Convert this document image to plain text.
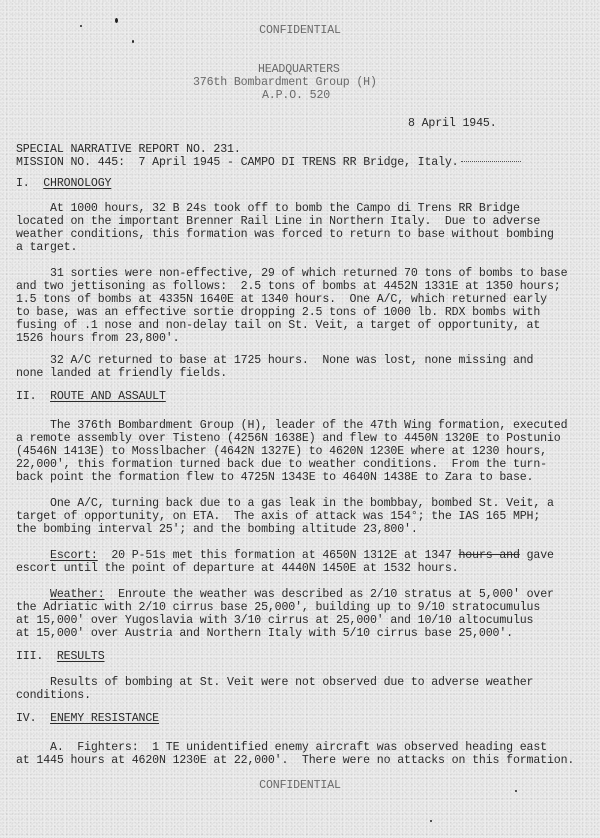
CONFIDENTIAL
HEADQUARTERS
376th Bombardment Group (H)
A.P.O. 520
8 April 1945.
SPECIAL NARRATIVE REPORT NO. 231.
MISSION NO. 445: 7 April 1945 - CAMPO DI TRENS RR Bridge, Italy.
I. CHRONOLOGY
At 1000 hours, 32 B 24s took off to bomb the Campo di Trens RR Bridge
located on the important Brenner Rail Line in Northern Italy.  Due to adverse
weather conditions, this formation was forced to return to base without bombing
a target.
31 sorties were non-effective, 29 of which returned 70 tons of bombs to base
and two jettisoning as follows:  2.5 tons of bombs at 4452N 1331E at 1350 hours;
1.5 tons of bombs at 4335N 1640E at 1340 hours.  One A/C, which returned early
to base, was an effective sortie dropping 2.5 tons of 1000 lb. RDX bombs with
fusing of .1 nose and non-delay tail on St. Veit, a target of opportunity, at
1526 hours from 23,800'.
32 A/C returned to base at 1725 hours.  None was lost, none missing and
none landed at friendly fields.
II. ROUTE AND ASSAULT
The 376th Bombardment Group (H), leader of the 47th Wing formation, executed
a remote assembly over Tisteno (4256N 1638E) and flew to 4450N 1320E to Postunio
(4546N 1413E) to Mosslbacher (4642N 1327E) to 4620N 1230E where at 1230 hours,
22,000', this formation turned back due to weather conditions.  From the turn-
back point the formation flew to 4725N 1343E to 4640N 1438E to Zara to base.
One A/C, turning back due to a gas leak in the bombbay, bombed St. Veit, a
target of opportunity, on ETA.  The axis of attack was 154°; the IAS 165 MPH;
the bombing interval 25'; and the bombing altitude 23,800'.
Escort:  20 P-51s met this formation at 4650N 1312E at 1347 hours and gave
escort until the point of departure at 4440N 1450E at 1532 hours.
Weather:  Enroute the weather was described as 2/10 stratus at 5,000' over
the Adriatic with 2/10 cirrus base 25,000', building up to 9/10 stratocumulus
at 15,000' over Yugoslavia with 3/10 cirrus at 25,000' and 10/10 altocumulus
at 15,000' over Austria and Northern Italy with 5/10 cirrus base 25,000'.
III. RESULTS
Results of bombing at St. Veit were not observed due to adverse weather
conditions.
IV. ENEMY RESISTANCE
A.  Fighters:  1 TE unidentified enemy aircraft was observed heading east
at 1445 hours at 4620N 1230E at 22,000'.  There were no attacks on this formation.
CONFIDENTIAL
